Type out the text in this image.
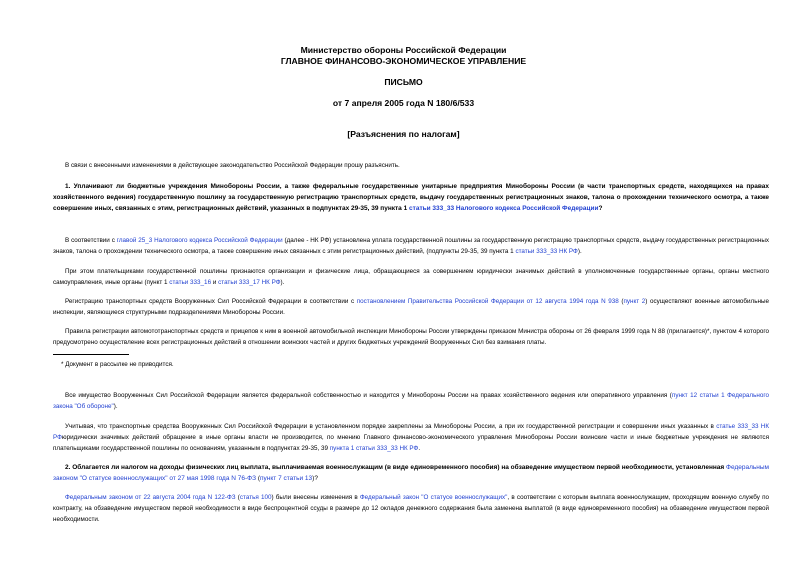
Министерство обороны Российской Федерации
ГЛАВНОЕ ФИНАНСОВО-ЭКОНОМИЧЕСКОЕ УПРАВЛЕНИЕ
ПИСЬМО
от 7 апреля 2005 года N 180/6/533
[Разъяснения по налогам]

В связи с внесенными изменениями в действующее законодательство Российской Федерации прошу разъяснить.

1. Уплачивают ли бюджетные учреждения Минобороны России, а также федеральные государственные унитарные предприятия Минобороны России (в части транспортных средств, находящихся на правах хозяйственного ведения) государственную пошлину за государственную регистрацию транспортных средств, выдачу государственных регистрационных знаков, талона о прохождении технического осмотра, а также совершение иных, связанных с этим, регистрационных действий, указанных в подпунктах 29-35, 39 пункта 1 статьи 333_33 Налогового кодекса Российской Федерации?

В соответствии с главой 25_3 Налогового кодекса Российской Федерации (далее - НК РФ) установлена уплата государственной пошлины за государственную регистрацию транспортных средств, выдачу государственных регистрационных знаков, талона о прохождении технического осмотра, а также совершение иных связанных с этим регистрационных действий, (подпункты 29-35, 39 пункта 1 статьи 333_33 НК РФ).

При этом плательщиками государственной пошлины признаются организации и физические лица, обращающиеся за совершением юридически значимых действий в уполномоченные государственные органы, органы местного самоуправления, иные органы (пункт 1 статьи 333_16 и статьи 333_17 НК РФ).

Регистрацию транспортных средств Вооруженных Сил Российской Федерации в соответствии с постановлением Правительства Российской Федерации от 12 августа 1994 года N 938 (пункт 2) осуществляют военные автомобильные инспекции, являющиеся структурными подразделениями Минобороны России.

Правила регистрации автомототранспортных средств и прицепов к ним в военной автомобильной инспекции Минобороны России утверждены приказом Министра обороны от 26 февраля 1999 года N 88 (прилагается)*, пунктом 4 которого предусмотрено осуществление всех регистрационных действий в отношении воинских частей и других бюджетных учреждений Вооруженных Сил без взимания платы.

* Документ в рассылке не приводится.

Все имущество Вооруженных Сил Российской Федерации является федеральной собственностью и находится у Минобороны России на правах хозяйственного ведения или оперативного управления (пункт 12 статьи 1 Федерального закона "Об обороне").

Учитывая, что транспортные средства Вооруженных Сил Российской Федерации в установленном порядке закреплены за Минобороны России, а при их государственной регистрации и совершении иных указанных в статье 333_33 НК РФюридически значимых действий обращение в иные органы власти не производится, по мнению Главного финансово-экономического управления Минобороны России воинские части и иные бюджетные учреждения не являются плательщиками государственной пошлины по основаниям, указанным в подпунктах 29-35, 39 пункта 1 статьи 333_33 НК РФ.

2. Облагается ли налогом на доходы физических лиц выплата, выплачиваемая военнослужащим (в виде единовременного пособия) на обзаведение имуществом первой необходимости, установленная Федеральным законом "О статусе военнослужащих" от 27 мая 1998 года N 76-ФЗ (пункт 7 статьи 13)?

Федеральным законом от 22 августа 2004 года N 122-ФЗ (статья 100) были внесены изменения в Федеральный закон "О статусе военнослужащих", в соответствии с которым выплата военнослужащим, проходящим военную службу по контракту, на обзаведение имуществом первой необходимости в виде беспроцентной ссуды в размере до 12 окладов денежного содержания была заменена выплатой (в виде единовременного пособия) на обзаведение имуществом первой необходимости.
